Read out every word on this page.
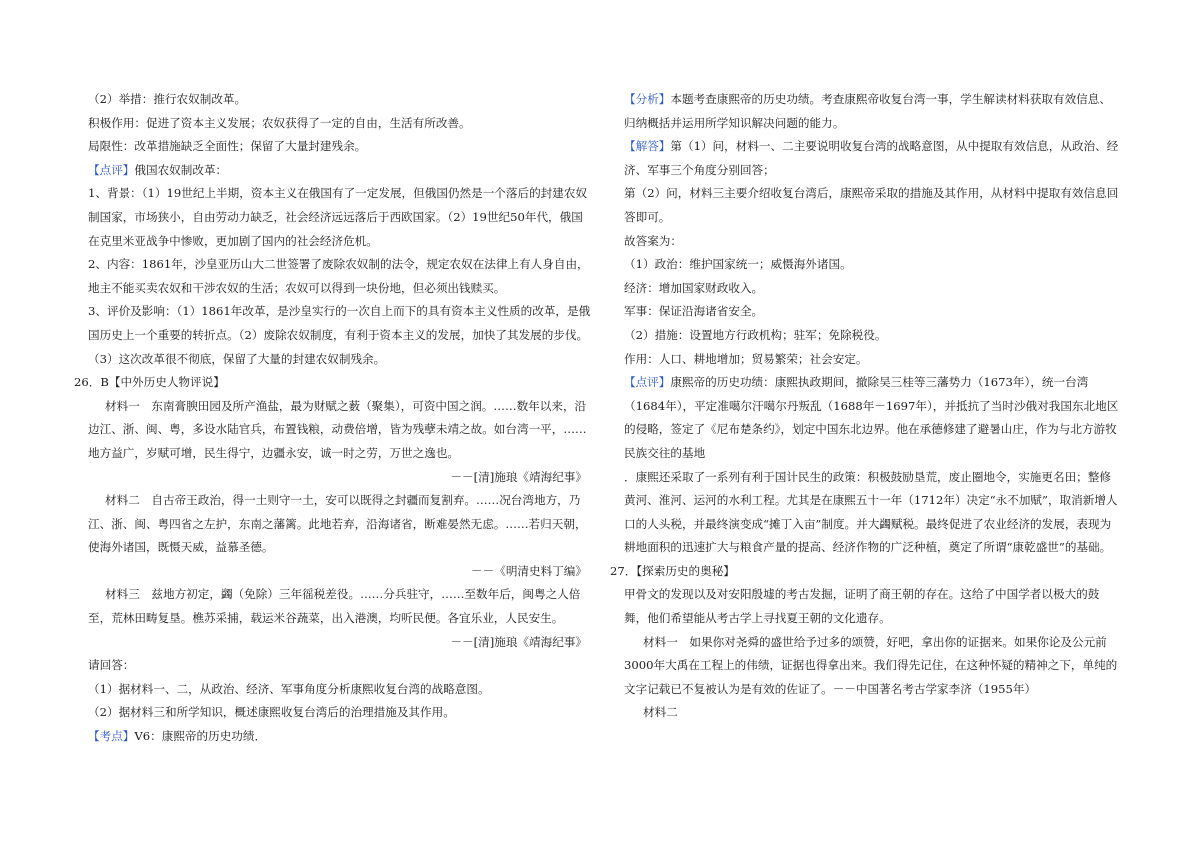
（2）举措：推行农奴制改革。

积极作用：促进了资本主义发展；农奴获得了一定的自由，生活有所改善。

局限性：改革措施缺乏全面性；保留了大量封建残余。

【点评】俄国农奴制改革：

1、背景：（1）19世纪上半期，资本主义在俄国有了一定发展，但俄国仍然是一个落后的封建农奴制国家，市场狭小，自由劳动力缺乏，社会经济远远落后于西欧国家。（2）19世纪50年代，俄国在克里米亚战争中惨败，更加剧了国内的社会经济危机。

2、内容：1861年，沙皇亚历山大二世签署了废除农奴制的法令，规定农奴在法律上有人身自由，地主不能买卖农奴和干涉农奴的生活；农奴可以得到一块份地，但必须出钱赎买。

3、评价及影响：（1）1861年改革，是沙皇实行的一次自上而下的具有资本主义性质的改革，是俄国历史上一个重要的转折点。（2）废除农奴制度，有利于资本主义的发展，加快了其发展的步伐。（3）这次改革很不彻底，保留了大量的封建农奴制残余。

26．B【中外历史人物评说】

材料一　东南膏腴田园及所产渔盐，最为财赋之薮（聚集），可资中国之润。……数年以来，沿边江、浙、闽、粤，多设水陆官兵，布置钱粮，动费倍增，皆为残孽未靖之故。如台湾一平，……地方益广，岁赋可增，民生得宁，边疆永安，诚一时之劳，万世之逸也。

－－[清]施琅《靖海纪事》

材料二　自古帝王政治，得一土则守一土，安可以既得之封疆而复割弃。……况台湾地方，乃江、浙、闽、粤四省之左护，东南之藩篱。此地若弃，沿海诸省，断难晏然无虑。……若归天朝，使海外诸国，既慑天威，益慕圣德。

－－《明清史料丁编》

材料三　兹地方初定，蠲（免除）三年徭税差役。……分兵驻守，……至数年后，闽粤之人倍至，荒林田畴复垦。樵苏采捕，载运米谷蔬菜，出入港澳，均听民便。各宜乐业，人民安生。

－－[清]施琅《靖海纪事》

请回答：

（1）据材料一、二，从政治、经济、军事角度分析康熙收复台湾的战略意图。

（2）据材料三和所学知识，概述康熙收复台湾后的治理措施及其作用。

【考点】V6：康熙帝的历史功绩．

【分析】本题考查康熙帝的历史功绩。考查康熙帝收复台湾一事，学生解读材料获取有效信息、归纳概括并运用所学知识解决问题的能力。

【解答】第（1）问，材料一、二主要说明收复台湾的战略意图，从中提取有效信息，从政治、经济、军事三个角度分别回答；

第（2）问，材料三主要介绍收复台湾后，康熙帝采取的措施及其作用，从材料中提取有效信息回答即可。

故答案为：

（1）政治：维护国家统一；威慑海外诸国。

经济：增加国家财政收入。

军事：保证沿海诸省安全。

（2）措施：设置地方行政机构；驻军；免除税役。

作用：人口、耕地增加；贸易繁荣；社会安定。

【点评】康熙帝的历史功绩：康熙执政期间，撤除吴三桂等三藩势力（1673年），统一台湾（1684年），平定准噶尔汗噶尔丹叛乱（1688年－1697年），并抵抗了当时沙俄对我国东北地区的侵略，签定了《尼布楚条约》，划定中国东北边界。他在承德修建了避暑山庄，作为与北方游牧民族交往的基地

．康熙还采取了一系列有利于国计民生的政策：积极鼓励垦荒，废止圈地令，实施更名田；整修黄河、淮河、运河的水利工程。尤其是在康熙五十一年（1712年）决定“永不加赋”，取消新增人口的人头税，并最终演变成“摊丁入亩”制度。并大蠲赋税。最终促进了农业经济的发展，表现为耕地面积的迅速扩大与粮食产量的提高、经济作物的广泛种植，奠定了所谓“康乾盛世”的基础。

27．【探索历史的奥秘】

甲骨文的发现以及对安阳殷墟的考古发掘，证明了商王朝的存在。这给了中国学者以极大的鼓舞，他们希望能从考古学上寻找夏王朝的文化遗存。

材料一　如果你对尧舜的盛世给予过多的颂赞，好吧，拿出你的证据来。如果你论及公元前3000年大禹在工程上的伟绩，证据也得拿出来。我们得先记住，在这种怀疑的精神之下，单纯的文字记载已不复被认为是有效的佐证了。－－中国著名考古学家李济（1955年）

材料二
